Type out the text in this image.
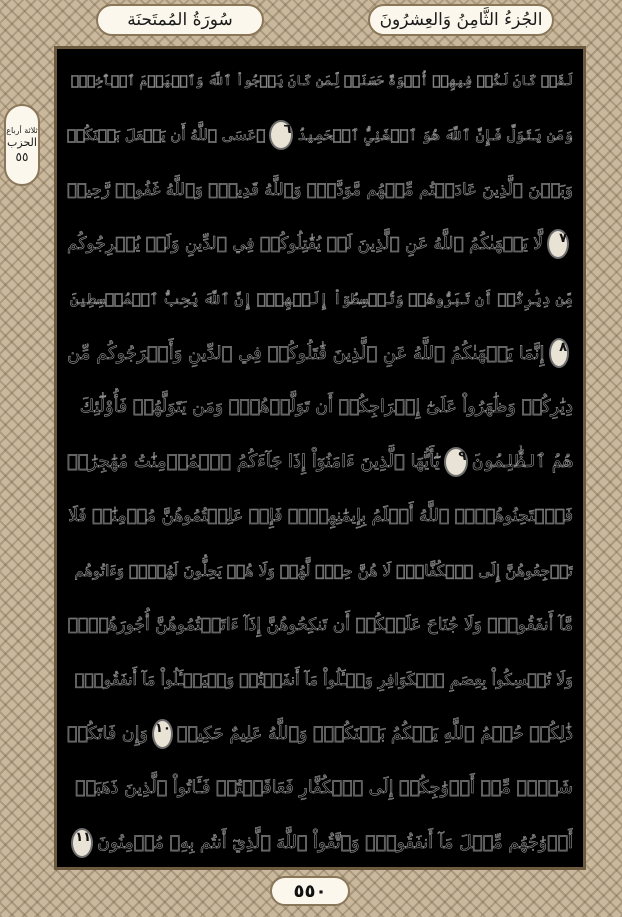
سُورَةُ المُمتَحنَة	الجُزءُ الثَّامِنُ وَالعِشرُونَ
ثلاثة أرباع
الحزب
٥٥
لَقَدۡ كَانَ لَكُمۡ فِيهِمۡ أُسۡوَةٌ حَسَنَةٞ لِّمَن كَانَ يَرۡجُواْ ٱللَّهَ وَٱلۡيَوۡمَ ٱلۡأٓخِرَۚ
وَمَن يَتَوَلَّ فَإِنَّ ٱللَّهَ هُوَ ٱلۡغَنِيُّ ٱلۡحَمِيدُ
٦
۞عَسَى ٱللَّهُ أَن يَجۡعَلَ بَيۡنَكُمۡ
وَبَيۡنَ ٱلَّذِينَ عَادَيۡتُم مِّنۡهُم مَّوَدَّةٗۚ وَٱللَّهُ قَدِيرٞۚ وَٱللَّهُ غَفُورٞ رَّحِيمٞ
٧
لَّا يَنۡهَىٰكُمُ ٱللَّهُ عَنِ ٱلَّذِينَ لَمۡ يُقَٰتِلُوكُمۡ فِي ٱلدِّينِ وَلَمۡ يُخۡرِجُوكُم
مِّن دِيَٰرِكُمۡ أَن تَبَرُّوهُمۡ وَتُقۡسِطُوٓاْ إِلَيۡهِمۡۚ إِنَّ ٱللَّهَ يُحِبُّ ٱلۡمُقۡسِطِينَ
٨
إِنَّمَا يَنۡهَىٰكُمُ ٱللَّهُ عَنِ ٱلَّذِينَ قَٰتَلُوكُمۡ فِي ٱلدِّينِ وَأَخۡرَجُوكُم مِّن
دِيَٰرِكُمۡ وَظَٰهَرُواْ عَلَىٰٓ إِخۡرَاجِكُمۡ أَن تَوَلَّوۡهُمۡۚ وَمَن يَتَوَلَّهُمۡ فَأُوْلَٰٓئِكَ
هُمُ ٱلظَّٰلِمُونَ
٩
يَٰٓأَيُّهَا ٱلَّذِينَ ءَامَنُوٓاْ إِذَا جَآءَكُمُ ٱلۡمُؤۡمِنَٰتُ مُهَٰجِرَٰتٖ
فَٱمۡتَحِنُوهُنَّۖ ٱللَّهُ أَعۡلَمُ بِإِيمَٰنِهِنَّۖ فَإِنۡ عَلِمۡتُمُوهُنَّ مُؤۡمِنَٰتٖ فَلَا
تَرۡجِعُوهُنَّ إِلَى ٱلۡكُفَّارِۖ لَا هُنَّ حِلّٞ لَّهُمۡ وَلَا هُمۡ يَحِلُّونَ لَهُنَّۖ وَءَاتُوهُم
مَّآ أَنفَقُواْۚ وَلَا جُنَاحَ عَلَيۡكُمۡ أَن تَنكِحُوهُنَّ إِذَآ ءَاتَيۡتُمُوهُنَّ أُجُورَهُنَّۚ
وَلَا تُمۡسِكُواْ بِعِصَمِ ٱلۡكَوَافِرِ وَسۡـَٔلُواْ مَآ أَنفَقۡتُمۡ وَلۡيَسۡـَٔلُواْ مَآ أَنفَقُواْۚ
ذَٰلِكُمۡ حُكۡمُ ٱللَّهِ يَحۡكُمُ بَيۡنَكُمۡۖ وَٱللَّهُ عَلِيمٌ حَكِيمٞ
١٠
وَإِن فَاتَكُمۡ
شَيۡءٞ مِّنۡ أَزۡوَٰجِكُمۡ إِلَى ٱلۡكُفَّارِ فَعَاقَبۡتُمۡ فَـَٔاتُواْ ٱلَّذِينَ ذَهَبَتۡ
أَزۡوَٰجُهُم مِّثۡلَ مَآ أَنفَقُواْۚ وَٱتَّقُواْ ٱللَّهَ ٱلَّذِيٓ أَنتُم بِهِۦ مُؤۡمِنُونَ
١١
٥٥٠
